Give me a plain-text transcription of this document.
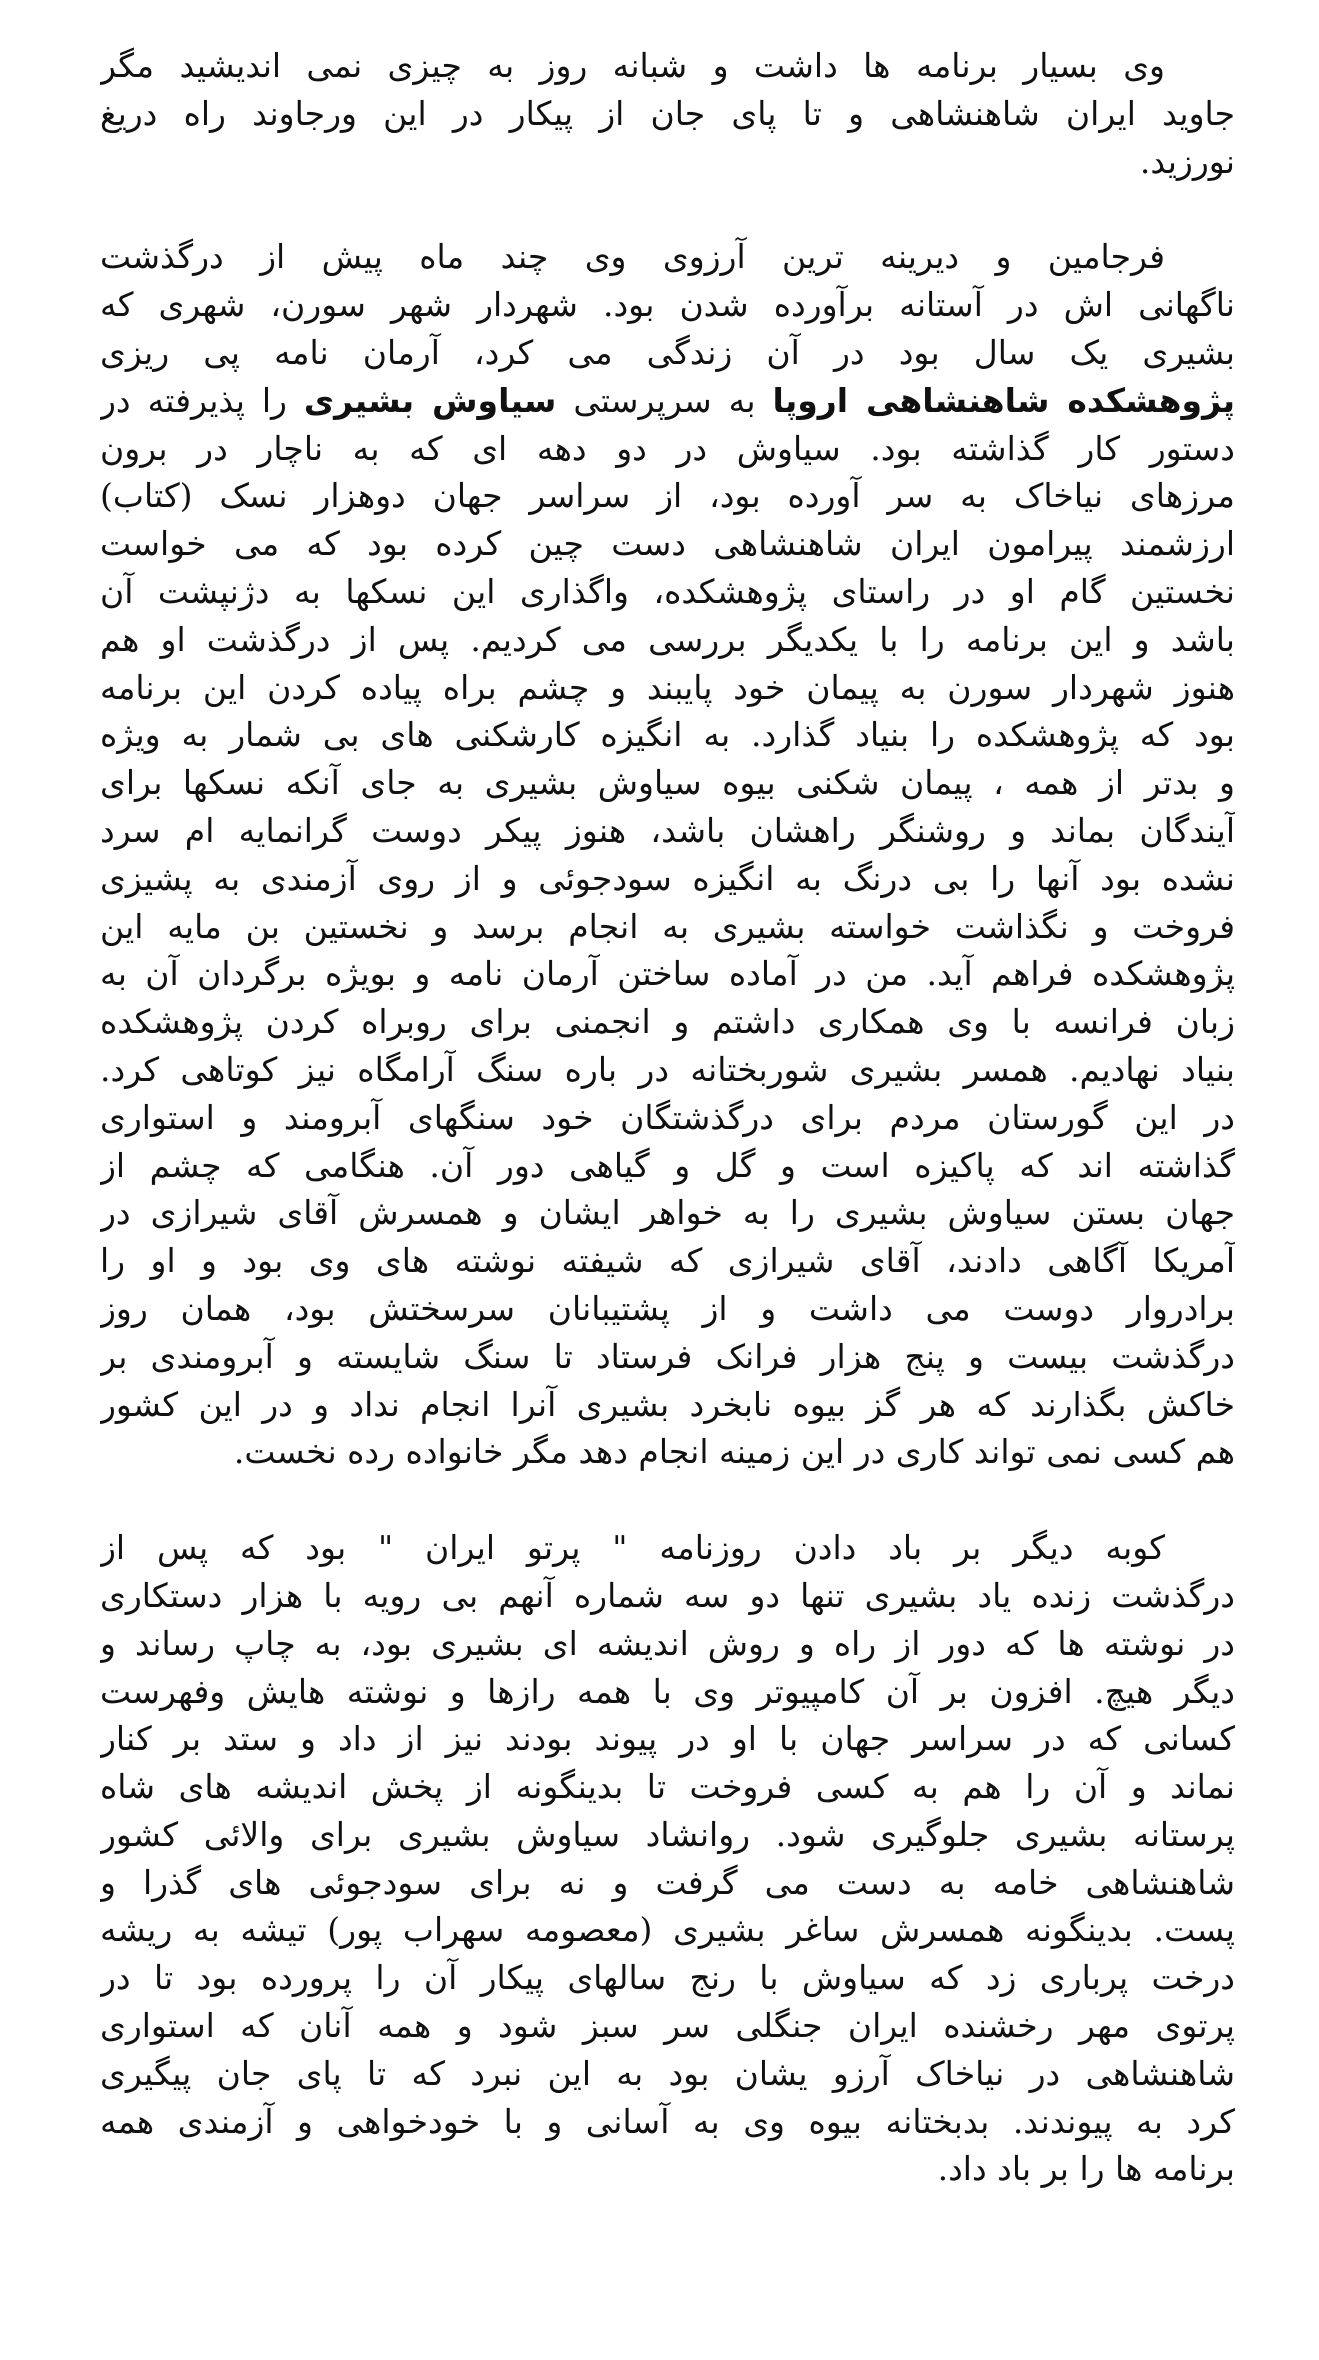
وی بسیار برنامه ها داشت و شبانه روز به چیزی نمی اندیشید مگر
جاوید ایران شاهنشاهی و تا پای جان از پیکار در این ورجاوند راه دریغ
نورزید.

فرجامین و دیرینه ترین آرزوی وی چند ماه پیش از درگذشت
ناگهانی اش در آستانه برآورده شدن بود. شهردار شهر سورن، شهری که
بشیری یک سال بود در آن زندگی می کرد، آرمان نامه پی ریزی
پژوهشکده شاهنشاهی اروپا به سرپرستی سیاوش بشیری را پذیرفته در
دستور کار گذاشته بود. سیاوش در دو دهه ای که به ناچار در برون
مرزهای نیاخاک به سر آورده بود، از سراسر جهان دوهزار نسک (کتاب)
ارزشمند پیرامون ایران شاهنشاهی دست چین کرده بود که می خواست
نخستین گام او در راستای پژوهشکده، واگذاری این نسکها به دژنپشت آن
باشد و این برنامه را با یکدیگر بررسی می کردیم. پس از درگذشت او هم
هنوز شهردار سورن به پیمان خود پایبند و چشم براه پیاده کردن این برنامه
بود که پژوهشکده را بنیاد گذارد. به انگیزه کارشکنی های بی شمار به ویژه
و بدتر از همه ، پیمان شکنی بیوه سیاوش بشیری به جای آنکه نسکها برای
آیندگان بماند و روشنگر راهشان باشد، هنوز پیکر دوست گرانمایه ام سرد
نشده بود آنها را بی درنگ به انگیزه سودجوئی و از روی آزمندی به پشیزی
فروخت و نگذاشت خواسته بشیری به انجام برسد و نخستین بن مایه این
پژوهشکده فراهم آید. من در آماده ساختن آرمان نامه و بویژه برگردان آن به
زبان فرانسه با وی همکاری داشتم و انجمنی برای روبراه کردن پژوهشکده
بنیاد نهادیم. همسر بشیری شوربختانه در باره سنگ آرامگاه نیز کوتاهی کرد.
در این گورستان مردم برای درگذشتگان خود سنگهای آبرومند و استواری
گذاشته اند که پاکیزه است و گل و گیاهی دور آن. هنگامی که چشم از
جهان بستن سیاوش بشیری را به خواهر ایشان و همسرش آقای شیرازی در
آمریکا آگاهی دادند، آقای شیرازی که شیفته نوشته های وی بود و او را
برادروار دوست می داشت و از پشتیبانان سرسختش بود، همان روز
درگذشت بیست و پنج هزار فرانک فرستاد تا سنگ شایسته و آبرومندی بر
خاکش بگذارند که هر گز بیوه نابخرد بشیری آنرا انجام نداد و در این کشور
هم کسی نمی تواند کاری در این زمینه انجام دهد مگر خانواده رده نخست.

کوبه دیگر بر باد دادن روزنامه " پرتو ایران " بود که پس از
درگذشت زنده یاد بشیری تنها دو سه شماره آنهم بی رویه با هزار دستکاری
در نوشته ها که دور از راه و روش اندیشه ای بشیری بود، به چاپ رساند و
دیگر هیچ. افزون بر آن کامپیوتر وی با همه رازها و نوشته هایش وفهرست
کسانی که در سراسر جهان با او در پیوند بودند نیز از داد و ستد بر کنار
نماند و آن را هم به کسی فروخت تا بدینگونه از پخش اندیشه های شاه
پرستانه بشیری جلوگیری شود. روانشاد سیاوش بشیری برای والائی کشور
شاهنشاهی خامه به دست می گرفت و نه برای سودجوئی های گذرا و
پست. بدینگونه همسرش ساغر بشیری (معصومه سهراب پور) تیشه به ریشه
درخت پرباری زد که سیاوش با رنج سالهای پیکار آن را پرورده بود تا در
پرتوی مهر رخشنده ایران جنگلی سر سبز شود و همه آنان که استواری
شاهنشاهی در نیاخاک آرزو یشان بود به این نبرد که تا پای جان پیگیری
کرد به پیوندند. بدبختانه بیوه وی به آسانی و با خودخواهی و آزمندی همه
برنامه ها را بر باد داد.
